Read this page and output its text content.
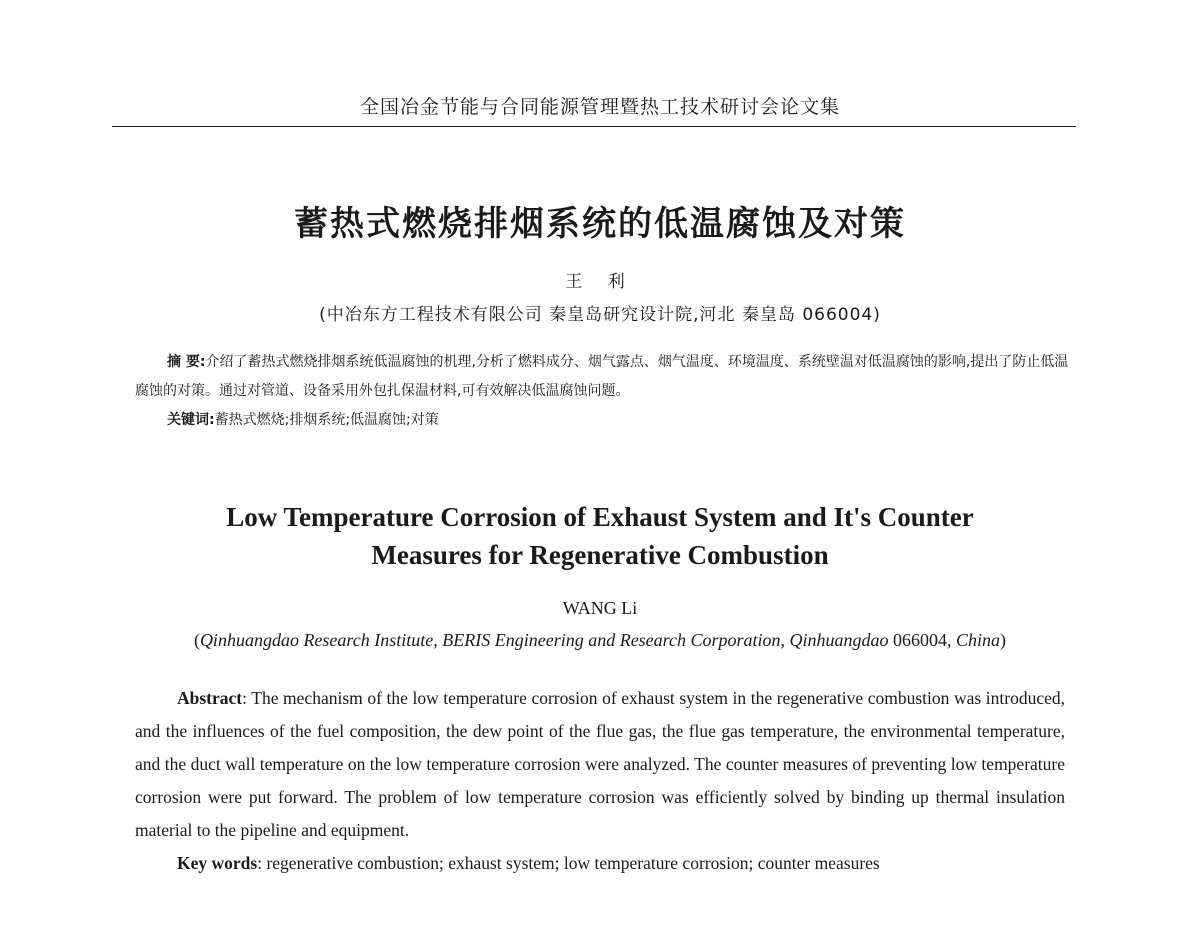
全国冶金节能与合同能源管理暨热工技术研讨会论文集
蓄热式燃烧排烟系统的低温腐蚀及对策
王 利
(中冶东方工程技术有限公司 秦皇岛研究设计院,河北 秦皇岛 066004)

摘 要:介绍了蓄热式燃烧排烟系统低温腐蚀的机理,分析了燃料成分、烟气露点、烟气温度、环境温度、系统壁温对低温腐蚀的影响,提出了防止低温腐蚀的对策。通过对管道、设备采用外包扎保温材料,可有效解决低温腐蚀问题。

关键词:蓄热式燃烧;排烟系统;低温腐蚀;对策

Low Temperature Corrosion of Exhaust System and It's Counter
Measures for Regenerative Combustion
WANG Li
(Qinhuangdao Research Institute, BERIS Engineering and Research Corporation, Qinhuangdao 066004, China)

Abstract: The mechanism of the low temperature corrosion of exhaust system in the regenerative combustion was introduced, and the influences of the fuel composition, the dew point of the flue gas, the flue gas temperature, the environmental temperature, and the duct wall temperature on the low temperature corrosion were analyzed. The counter measures of preventing low temperature corrosion were put forward. The problem of low temperature corrosion was efficiently solved by binding up thermal insulation material to the pipeline and equipment.

Key words: regenerative combustion; exhaust system; low temperature corrosion; counter measures
